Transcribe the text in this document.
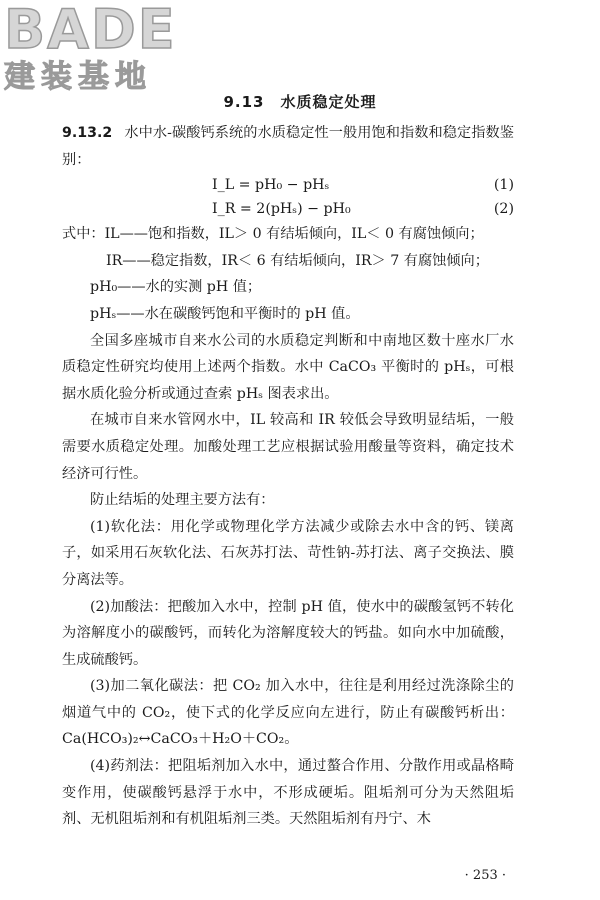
BADE
建装基地
9.13　水质稳定处理

9.13.2 水中水-碳酸钙系统的水质稳定性一般用饱和指数和稳定指数鉴别：

I_L = pH₀ − pHₛ	(1)
I_R = 2(pHₛ) − pH₀	(2)

式中：IL——饱和指数，IL＞ 0 有结垢倾向，IL＜ 0 有腐蚀倾向；

IR——稳定指数，IR＜ 6 有结垢倾向，IR＞ 7 有腐蚀倾向；

pH₀——水的实测 pH 值；

pHₛ——水在碳酸钙饱和平衡时的 pH 值。

全国多座城市自来水公司的水质稳定判断和中南地区数十座水厂水质稳定性研究均使用上述两个指数。水中 CaCO₃ 平衡时的 pHₛ，可根据水质化验分析或通过查索 pHₛ 图表求出。

在城市自来水管网水中，IL 较高和 IR 较低会导致明显结垢，一般需要水质稳定处理。加酸处理工艺应根据试验用酸量等资料，确定技术经济可行性。

防止结垢的处理主要方法有：

(1)软化法：用化学或物理化学方法减少或除去水中含的钙、镁离子，如采用石灰软化法、石灰苏打法、苛性钠-苏打法、离子交换法、膜分离法等。

(2)加酸法：把酸加入水中，控制 pH 值，使水中的碳酸氢钙不转化为溶解度小的碳酸钙，而转化为溶解度较大的钙盐。如向水中加硫酸，生成硫酸钙。

(3)加二氧化碳法：把 CO₂ 加入水中，往往是利用经过洗涤除尘的烟道气中的 CO₂，使下式的化学反应向左进行，防止有碳酸钙析出：Ca(HCO₃)₂↔CaCO₃＋H₂O＋CO₂。

(4)药剂法：把阻垢剂加入水中，通过螯合作用、分散作用或晶格畸变作用，使碳酸钙悬浮于水中，不形成硬垢。阻垢剂可分为天然阻垢剂、无机阻垢剂和有机阻垢剂三类。天然阻垢剂有丹宁、木

· 253 ·
